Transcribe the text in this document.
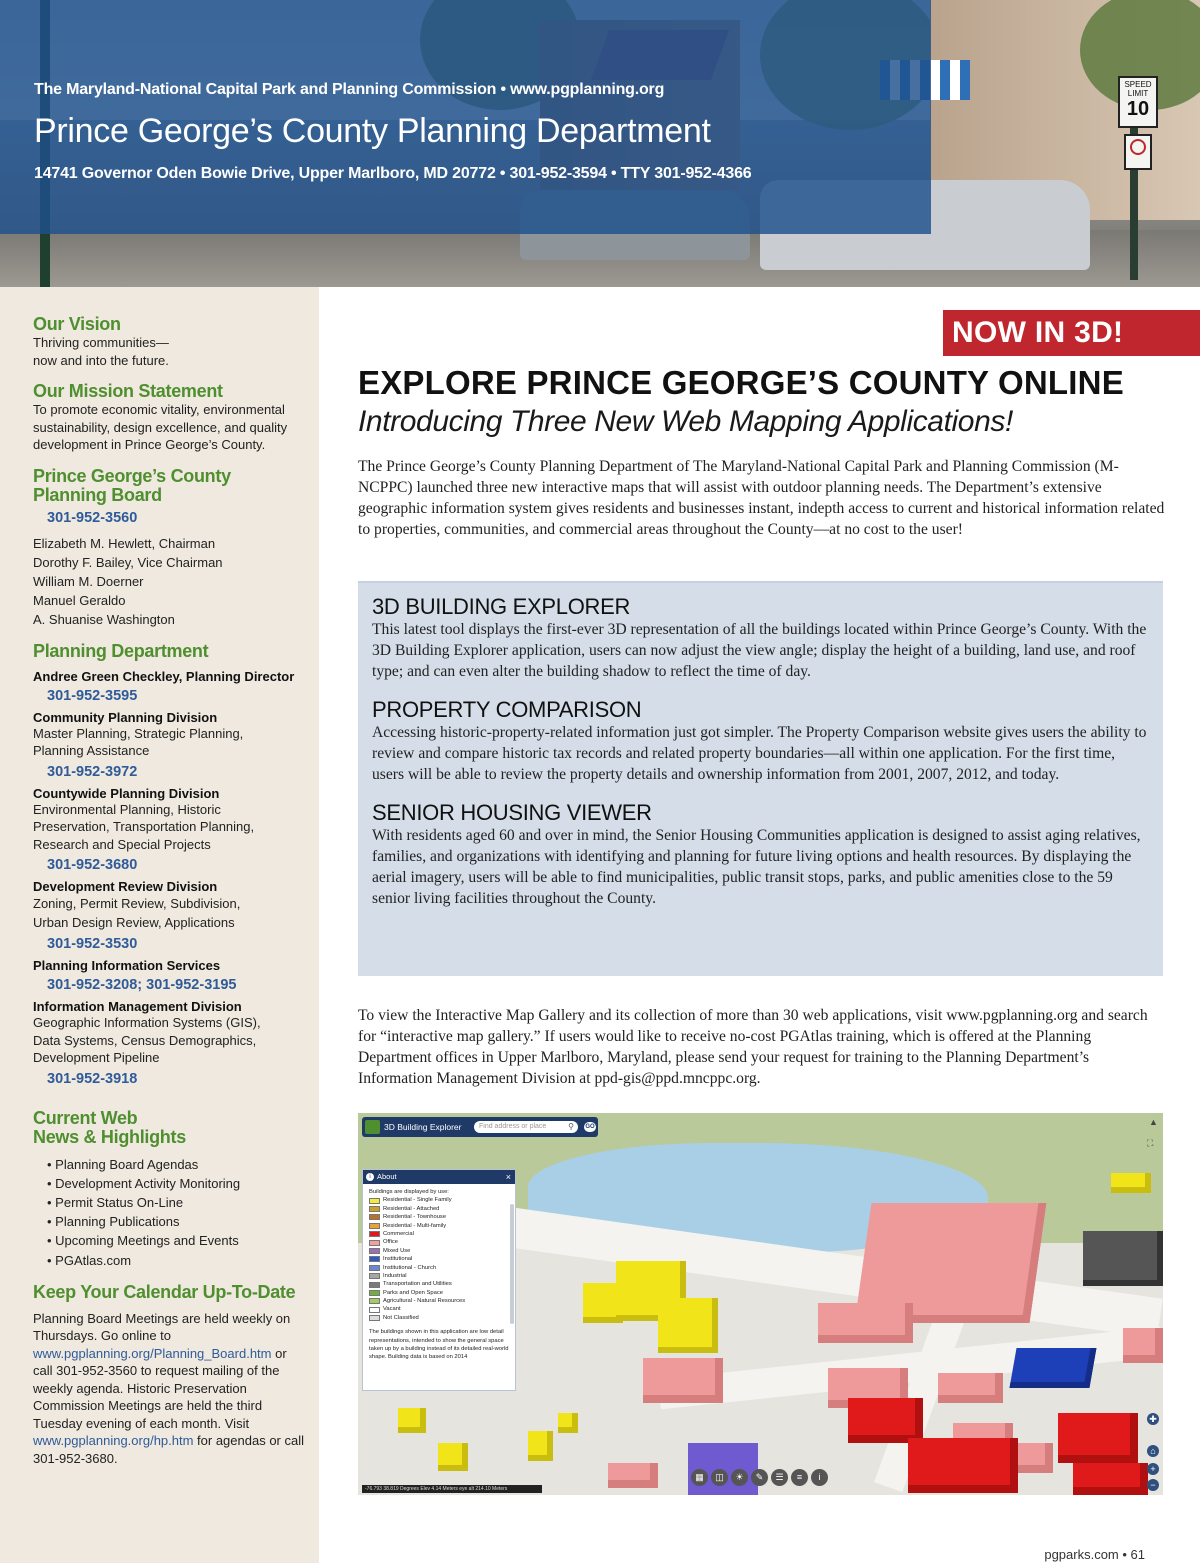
SPEED
LIMIT
10
The Maryland-National Capital Park and Planning Commission • www.pgplanning.org
Prince George’s County Planning Department
14741 Governor Oden Bowie Drive, Upper Marlboro, MD 20772 • 301-952-3594 • TTY 301-952-4366
Our Vision
Thriving communities—
now and into the future.
Our Mission Statement
To promote economic vitality, environmental sustainability, design excellence, and quality development in Prince George’s County.
Prince George’s County
Planning Board
301-952-3560
Elizabeth M. Hewlett, Chairman
Dorothy F. Bailey, Vice Chairman
William M. Doerner
Manuel Geraldo
A. Shuanise Washington
Planning Department
Andree Green Checkley, Planning Director
301-952-3595
Community Planning Division
Master Planning, Strategic Planning, Planning Assistance
301-952-3972
Countywide Planning Division
Environmental Planning, Historic Preservation, Transportation Planning, Research and Special Projects
301-952-3680
Development Review Division
Zoning, Permit Review, Subdivision, Urban Design Review, Applications
301-952-3530
Planning Information Services
301-952-3208; 301-952-3195
Information Management Division
Geographic Information Systems (GIS), Data Systems, Census Demographics, Development Pipeline
301-952-3918
Current Web
News & Highlights
• Planning Board Agendas
• Development Activity Monitoring
• Permit Status On-Line
• Planning Publications
• Upcoming Meetings and Events
• PGAtlas.com
Keep Your Calendar Up-To-Date
Planning Board Meetings are held weekly on Thursdays. Go online to www.pgplanning.org/Planning_Board.htm or call 301-952-3560 to request mailing of the weekly agenda. Historic Preservation Commission Meetings are held the third Tuesday evening of each month. Visit www.pgplanning.org/hp.htm for agendas or call 301-952-3680.
NOW IN 3D!
EXPLORE PRINCE GEORGE’S COUNTY ONLINE
Introducing Three New Web Mapping Applications!
The Prince George’s County Planning Department of The Maryland-National Capital Park and Planning Commission (M-NCPPC) launched three new interactive maps that will assist with outdoor planning needs. The Department’s extensive geographic information system gives residents and businesses instant, indepth access to current and historical information related to properties, communities, and commercial areas throughout the County—at no cost to the user!
3D BUILDING EXPLORER

This latest tool displays the first-ever 3D representation of all the buildings located within Prince George’s County. With the 3D Building Explorer application, users can now adjust the view angle; display the height of a building, land use, and roof type; and can even alter the building shadow to reflect the time of day.

PROPERTY COMPARISON

Accessing historic-property-related information just got simpler. The Property Comparison website gives users the ability to review and compare historic tax records and related property boundaries—all within one application. For the first time, users will be able to review the property details and ownership information from 2001, 2007, 2012, and today.

SENIOR HOUSING VIEWER

With residents aged 60 and over in mind, the Senior Housing Communities application is designed to assist aging relatives, families, and organizations with identifying and planning for future living options and health resources. By displaying the aerial imagery, users will be able to find municipalities, public transit stops, parks, and public amenities close to the 59 senior living facilities throughout the County.

To view the Interactive Map Gallery and its collection of more than 30 web applications, visit www.pgplanning.org and search for “interactive map gallery.” If users would like to receive no-cost PGAtlas training, which is offered at the Planning Department offices in Upper Marlboro, Maryland, please send your request for training to the Planning Department’s Information Management Division at ppd-gis@ppd.mncppc.org.
3D Building Explorer	Find address or place	⚲ GO	▲
⛶
i About	×
Buildings are displayed by use:
Residential - Single Family
Residential - Attached
Residential - Townhouse
Residential - Multi-family
Commercial
Office
Mixed Use
Institutional
Institutional - Church
Industrial
Transportation and Utilities
Parks and Open Space
Agricultural - Natural Resources
Vacant
Not Classified
The buildings shown in this application are low detail representations, intended to show the general space taken up by a building instead of its detailed real-world shape. Building data is based on 2014
▦	◫	☀	✎	☰	≡	i
✚
⌂
+
−
-76.793 38.819 Degrees Elev 4.14 Meters eye alt 214.10 Meters
pgparks.com • 61
